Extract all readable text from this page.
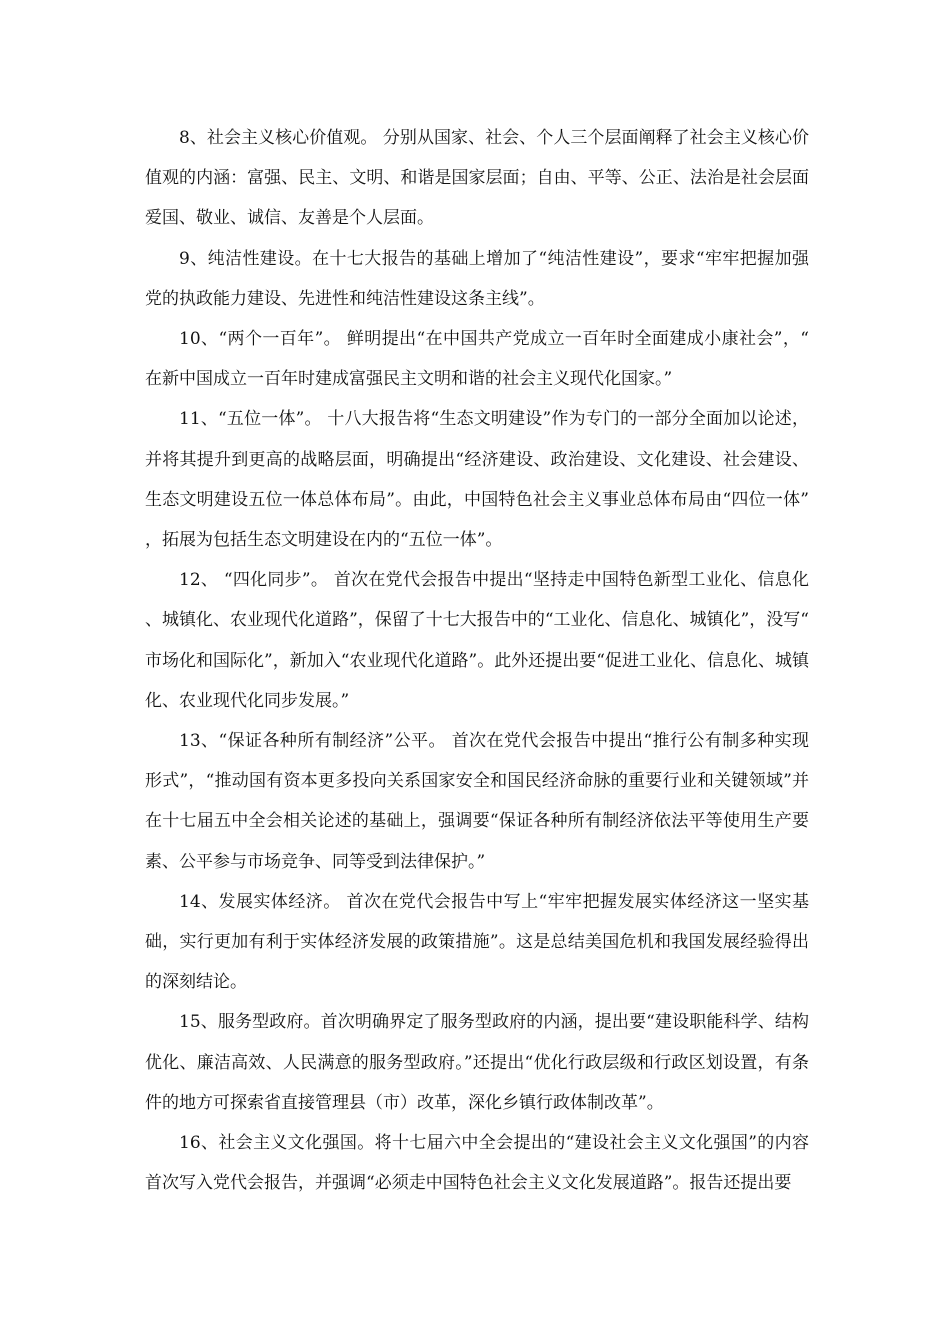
8、社会主义核心价值观。 分别从国家、社会、个人三个层面阐释了社会主义核心价值观的内涵：富强、民主、文明、和谐是国家层面；自由、平等、公正、法治是社会层面爱国、敬业、诚信、友善是个人层面。

9、纯洁性建设。在十七大报告的基础上增加了“纯洁性建设”，要求“牢牢把握加强党的执政能力建设、先进性和纯洁性建设这条主线”。

10、“两个一百年”。 鲜明提出“在中国共产党成立一百年时全面建成小康社会”，“在新中国成立一百年时建成富强民主文明和谐的社会主义现代化国家。”

11、“五位一体”。 十八大报告将“生态文明建设”作为专门的一部分全面加以论述，并将其提升到更高的战略层面，明确提出“经济建设、政治建设、文化建设、社会建设、生态文明建设五位一体总体布局”。由此，中国特色社会主义事业总体布局由“四位一体”，拓展为包括生态文明建设在内的“五位一体”。

12、 “四化同步”。 首次在党代会报告中提出“坚持走中国特色新型工业化、信息化、城镇化、农业现代化道路”，保留了十七大报告中的“工业化、信息化、城镇化”，没写“市场化和国际化”，新加入“农业现代化道路”。此外还提出要“促进工业化、信息化、城镇化、农业现代化同步发展。”

13、“保证各种所有制经济”公平。 首次在党代会报告中提出“推行公有制多种实现形式”，“推动国有资本更多投向关系国家安全和国民经济命脉的重要行业和关键领域”并在十七届五中全会相关论述的基础上，强调要“保证各种所有制经济依法平等使用生产要素、公平参与市场竞争、同等受到法律保护。”

14、发展实体经济。 首次在党代会报告中写上“牢牢把握发展实体经济这一坚实基础，实行更加有利于实体经济发展的政策措施”。这是总结美国危机和我国发展经验得出的深刻结论。

15、服务型政府。首次明确界定了服务型政府的内涵，提出要“建设职能科学、结构优化、廉洁高效、人民满意的服务型政府。”还提出“优化行政层级和行政区划设置，有条件的地方可探索省直接管理县（市）改革，深化乡镇行政体制改革”。

16、社会主义文化强国。将十七届六中全会提出的“建设社会主义文化强国”的内容首次写入党代会报告，并强调“必须走中国特色社会主义文化发展道路”。报告还提出要
